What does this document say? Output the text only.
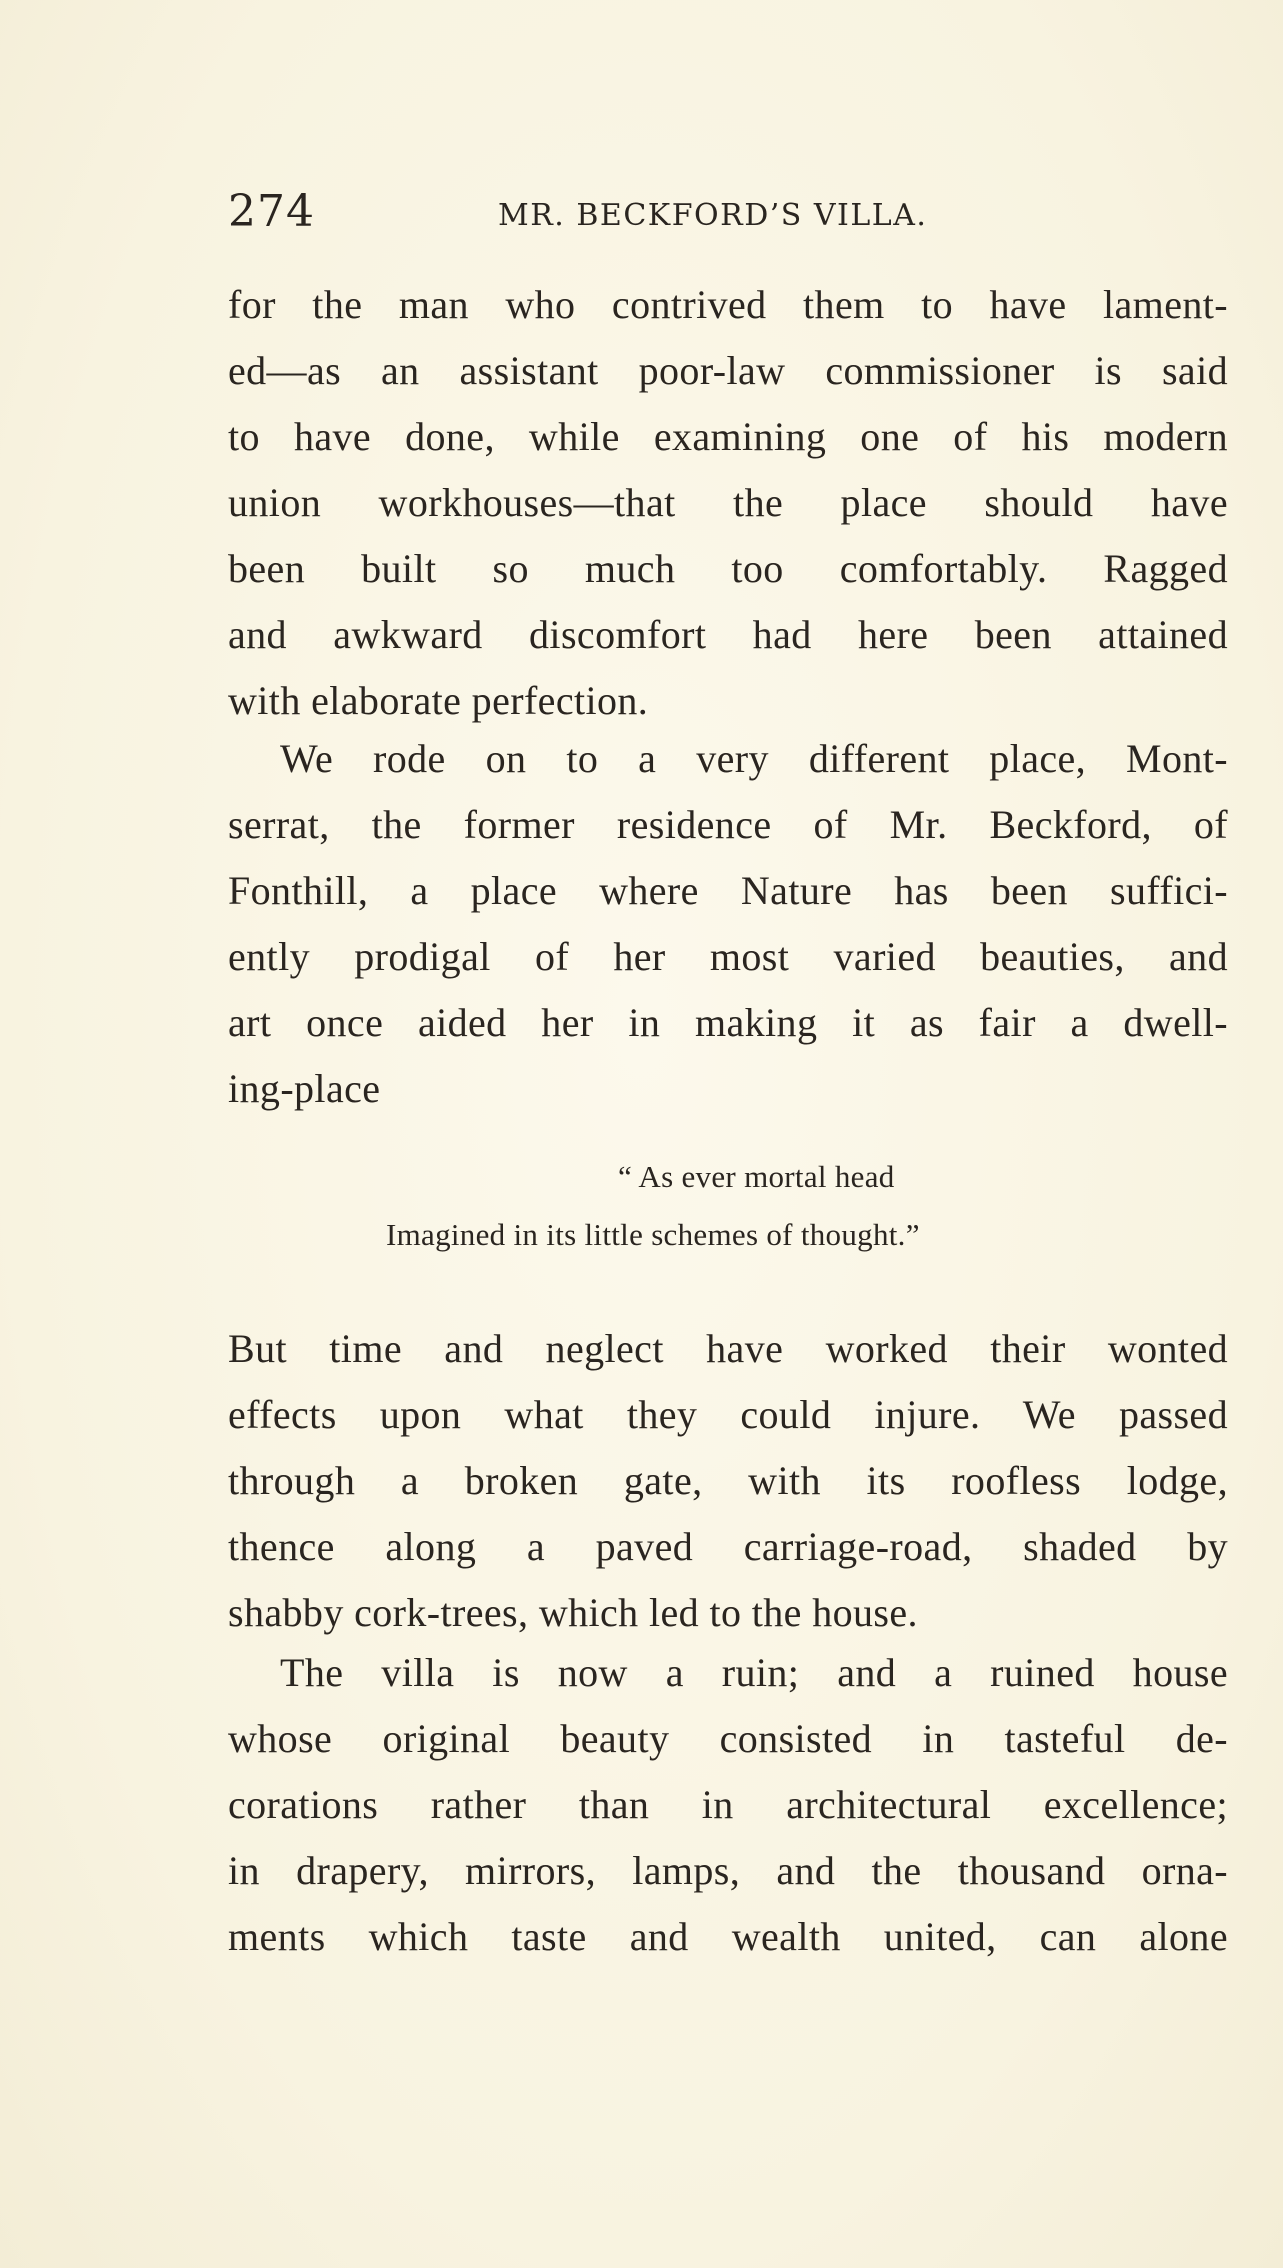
274	MR. BECKFORD’S VILLA.
for the man who contrived them to have lament-
ed—as an assistant poor-law commissioner is said
to have done, while examining one of his modern
union workhouses—that the place should have
been built so much too comfortably. Ragged
and awkward discomfort had here been attained
with elaborate perfection.
We rode on to a very different place, Mont-
serrat, the former residence of Mr. Beckford, of
Fonthill, a place where Nature has been suffici-
ently prodigal of her most varied beauties, and
art once aided her in making it as fair a dwell-
ing-place
“ As ever mortal head
Imagined in its little schemes of thought.”
But time and neglect have worked their wonted
effects upon what they could injure. We passed
through a broken gate, with its roofless lodge,
thence along a paved carriage-road, shaded by
shabby cork-trees, which led to the house.
The villa is now a ruin; and a ruined house
whose original beauty consisted in tasteful de-
corations rather than in architectural excellence;
in drapery, mirrors, lamps, and the thousand orna-
ments which taste and wealth united, can alone
